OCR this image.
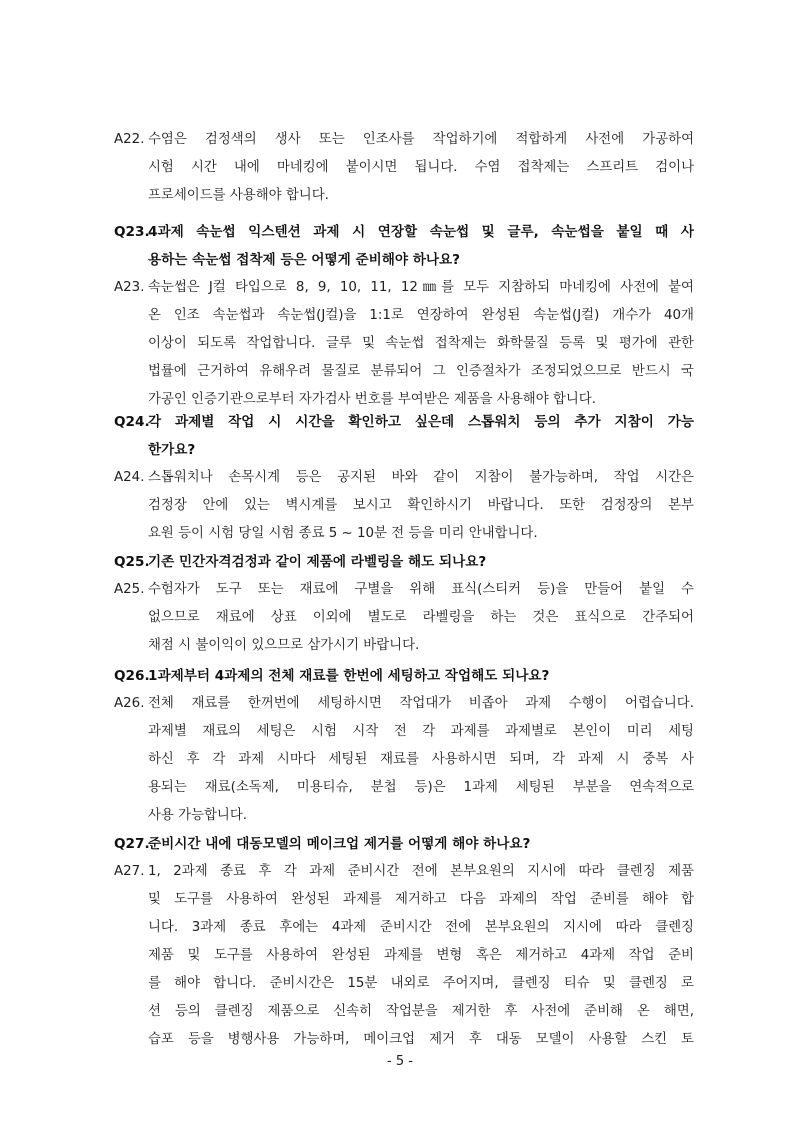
A22. 수염은 검정색의 생사 또는 인조사를 작업하기에 적합하게 사전에 가공하여
시험 시간 내에 마네킹에 붙이시면 됩니다. 수염 접착제는 스프리트 검이나
프로세이드를 사용해야 합니다.
Q23.
4과제 속눈썹 익스텐션 과제 시 연장할 속눈썹 및 글루, 속눈썹을 붙일 때 사
용하는 속눈썹 접착제 등은 어떻게 준비해야 하나요?
A23. 속눈썹은 J컬 타입으로 8, 9, 10, 11, 12㎜를 모두 지참하되 마네킹에 사전에 붙여
온 인조 속눈썹과 속눈썹(J컬)을 1:1로 연장하여 완성된 속눈썹(J컬) 개수가 40개
이상이 되도록 작업합니다. 글루 및 속눈썹 접착제는 화학물질 등록 및 평가에 관한
법률에 근거하여 유해우려 물질로 분류되어 그 인증절차가 조정되었으므로 반드시 국
가공인 인증기관으로부터 자가검사 번호를 부여받은 제품을 사용해야 합니다.
Q24.
각 과제별 작업 시 시간을 확인하고 싶은데 스톱워치 등의 추가 지참이 가능
한가요?
A24. 스톱워치나 손목시계 등은 공지된 바와 같이 지참이 불가능하며, 작업 시간은
검정장 안에 있는 벽시계를 보시고 확인하시기 바랍니다. 또한 검정장의 본부
요원 등이 시험 당일 시험 종료 5 ~ 10분 전 등을 미리 안내합니다.
Q25.
기존 민간자격검정과 같이 제품에 라벨링을 해도 되나요?
A25. 수험자가 도구 또는 재료에 구별을 위해 표식(스티커 등)을 만들어 붙일 수
없으므로 재료에 상표 이외에 별도로 라벨링을 하는 것은 표식으로 간주되어
채점 시 불이익이 있으므로 삼가시기 바랍니다.
Q26.
1과제부터 4과제의 전체 재료를 한번에 세팅하고 작업해도 되나요?
A26. 전체 재료를 한꺼번에 세팅하시면 작업대가 비좁아 과제 수행이 어렵습니다.
과제별 재료의 세팅은 시험 시작 전 각 과제를 과제별로 본인이 미리 세팅
하신 후 각 과제 시마다 세팅된 재료를 사용하시면 되며, 각 과제 시 중복 사
용되는 재료(소독제, 미용티슈, 분첩 등)은 1과제 세팅된 부분을 연속적으로
사용 가능합니다.
Q27.
준비시간 내에 대동모델의 메이크업 제거를 어떻게 해야 하나요?
A27. 1, 2과제 종료 후 각 과제 준비시간 전에 본부요원의 지시에 따라 클렌징 제품
및 도구를 사용하여 완성된 과제를 제거하고 다음 과제의 작업 준비를 해야 합
니다. 3과제 종료 후에는 4과제 준비시간 전에 본부요원의 지시에 따라 클렌징
제품 및 도구를 사용하여 완성된 과제를 변형 혹은 제거하고 4과제 작업 준비
를 해야 합니다. 준비시간은 15분 내외로 주어지며, 클렌징 티슈 및 클렌징 로
션 등의 클렌징 제품으로 신속히 작업분을 제거한 후 사전에 준비해 온 해면,
습포 등을 병행사용 가능하며, 메이크업 제거 후 대동 모델이 사용할 스킨 토
- 5 -
